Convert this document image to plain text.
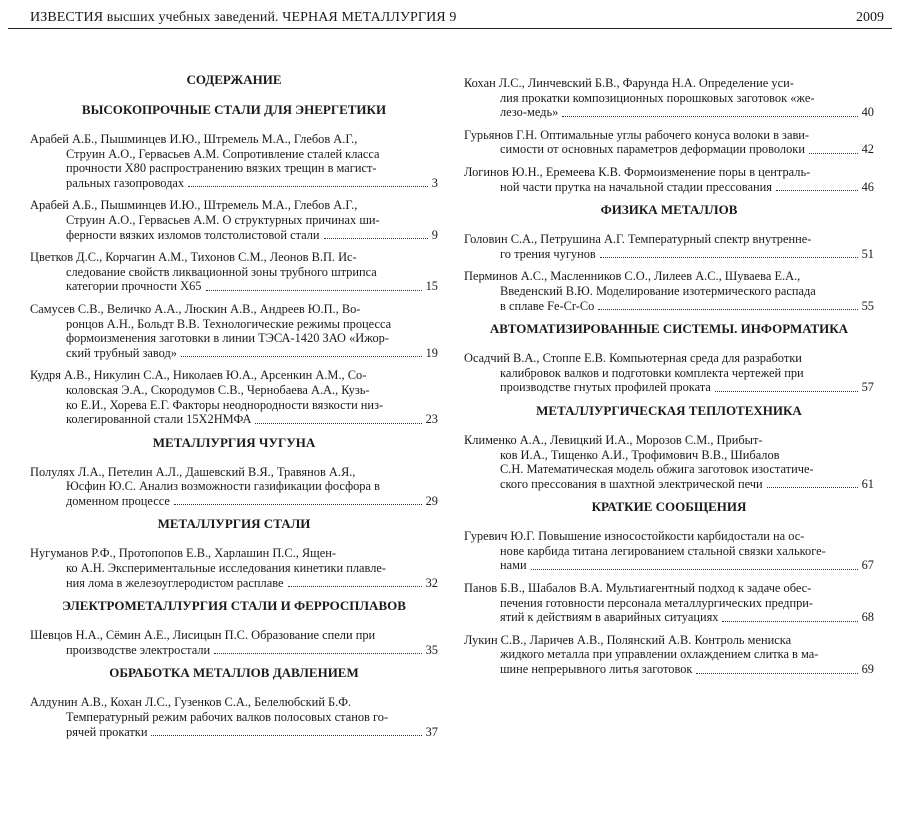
ИЗВЕСТИЯ высших учебных заведений. ЧЕРНАЯ МЕТАЛЛУРГИЯ 9	2009
СОДЕРЖАНИЕ
ВЫСОКОПРОЧНЫЕ СТАЛИ ДЛЯ ЭНЕРГЕТИКИ
Арабей А.Б., Пышминцев И.Ю., Штремель М.А., Глебов А.Г.,
Струин А.О., Гервасьев А.М. Сопротивление сталей класса
прочности Х80 распространению вязких трещин в магист-
ральных газопроводах	3
Арабей А.Б., Пышминцев И.Ю., Штремель М.А., Глебов А.Г.,
Струин А.О., Гервасьев А.М. О структурных причинах ши-
ферности вязких изломов толстолистовой стали	9
Цветков Д.С., Корчагин А.М., Тихонов С.М., Леонов В.П. Ис-
следование свойств ликвационной зоны трубного штрипса
категории прочности Х65	15
Самусев С.В., Величко А.А., Люскин А.В., Андреев Ю.П., Во-
ронцов А.Н., Больдт В.В. Технологические режимы процесса
формоизменения заготовки в линии ТЭСА-1420 ЗАО «Ижор-
ский трубный завод»	19
Кудря А.В., Никулин С.А., Николаев Ю.А., Арсенкин А.М., Со-
коловская Э.А., Скородумов С.В., Чернобаева А.А., Кузь-
ко Е.И., Хорева Е.Г. Факторы неоднородности вязкости низ-
колегированной стали 15Х2НМФА	23
МЕТАЛЛУРГИЯ ЧУГУНА
Полулях Л.А., Петелин А.Л., Дашевский В.Я., Травянов А.Я.,
Юсфин Ю.С. Анализ возможности газификации фосфора в
доменном процессе	29
МЕТАЛЛУРГИЯ СТАЛИ
Нугуманов Р.Ф., Протопопов Е.В., Харлашин П.С., Ящен-
ко А.Н. Экспериментальные исследования кинетики плавле-
ния лома в железоуглеродистом расплаве	32
ЭЛЕКТРОМЕТАЛЛУРГИЯ СТАЛИ И ФЕРРОСПЛАВОВ
Шевцов Н.А., Сёмин А.Е., Лисицын П.С. Образование спели при
производстве электростали	35
ОБРАБОТКА МЕТАЛЛОВ ДАВЛЕНИЕМ
Алдунин А.В., Кохан Л.С., Гузенков С.А., Белелюбский Б.Ф.
Температурный режим рабочих валков полосовых станов го-
рячей прокатки	37
Кохан Л.С., Линчевский Б.В., Фарунда Н.А. Определение уси-
лия прокатки композиционных порошковых заготовок «же-
лезо-медь»	40
Гурьянов Г.Н. Оптимальные углы рабочего конуса волоки в зави-
симости от основных параметров деформации проволоки	42
Логинов Ю.Н., Еремеева К.В. Формоизменение поры в централь-
ной части прутка на начальной стадии прессования	46
ФИЗИКА МЕТАЛЛОВ
Головин С.А., Петрушина А.Г. Температурный спектр внутренне-
го трения чугунов	51
Перминов А.С., Масленников С.О., Лилеев А.С., Шуваева Е.А.,
Введенский В.Ю. Моделирование изотермического распада
в сплаве Fe-Cr-Co	55
АВТОМАТИЗИРОВАННЫЕ СИСТЕМЫ. ИНФОРМАТИКА
Осадчий В.А., Стоппе Е.В. Компьютерная среда для разработки
калибровок валков и подготовки комплекта чертежей при
производстве гнутых профилей проката	57
МЕТАЛЛУРГИЧЕСКАЯ ТЕПЛОТЕХНИКА
Клименко А.А., Левицкий И.А., Морозов С.М., Прибыт-
ков И.А., Тищенко А.И., Трофимович В.В., Шибалов
С.Н. Математическая модель обжига заготовок изостатиче-
ского прессования в шахтной электрической печи	61
КРАТКИЕ СООБЩЕНИЯ
Гуревич Ю.Г. Повышение износостойкости карбидостали на ос-
нове карбида титана легированием стальной связки халькоге-
нами	67
Панов Б.В., Шабалов В.А. Мультиагентный подход к задаче обес-
печения готовности персонала металлургических предпри-
ятий к действиям в аварийных ситуациях	68
Лукин С.В., Ларичев А.В., Полянский А.В. Контроль мениска
жидкого металла при управлении охлаждением слитка в ма-
шине непрерывного литья заготовок	69
